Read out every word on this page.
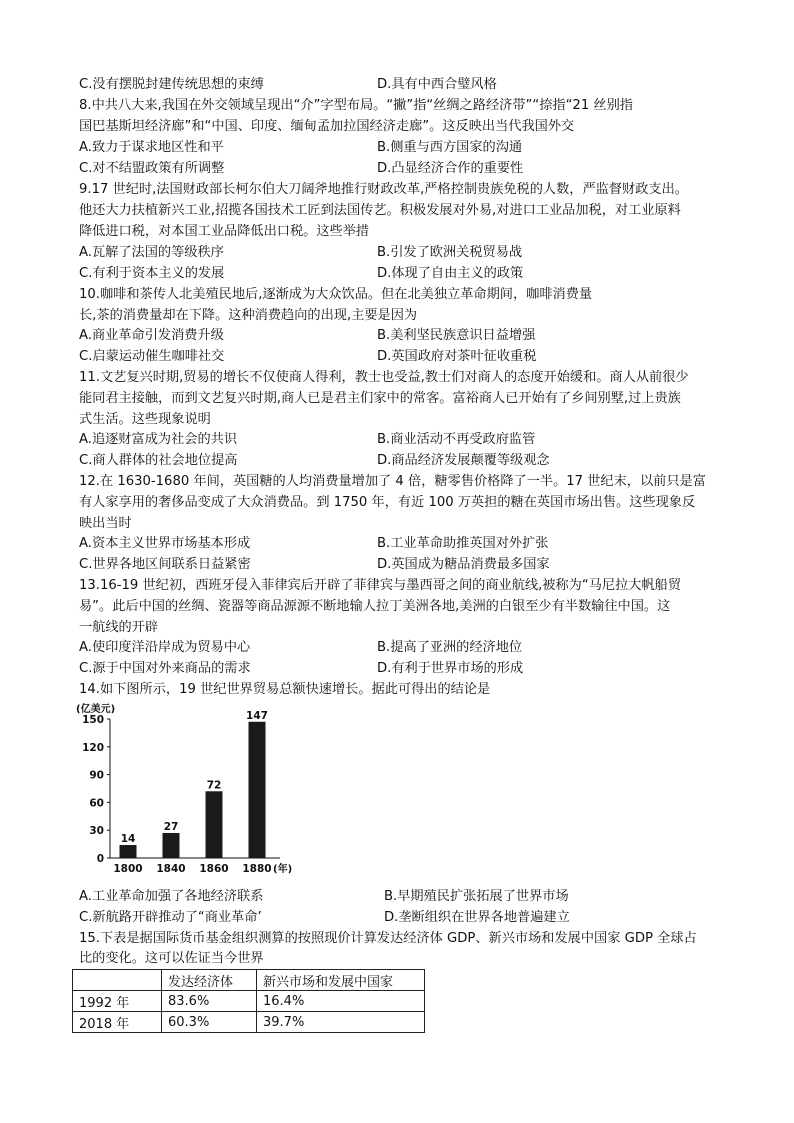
C.没有摆脱封建传统思想的束缚	D.具有中西合璧风格
8.中共八大来,我国在外交领域呈现出“介”字型布局。“撇”指“丝绸之路经济带”“捺指“21 丝别指
国巴基斯坦经济廊”和“中国、印度、缅甸孟加拉国经济走廊”。这反映出当代我国外交
A.致力于谋求地区性和平	B.侧重与西方国家的沟通
C.对不结盟政策有所调整	D.凸显经济合作的重要性
9.17 世纪时,法国财政部长柯尔伯大刀阔斧地推行财政改革,严格控制贵族免税的人数，严监督财政支出。
他还大力扶植新兴工业,招揽各国技术工匠到法国传艺。积极发展对外易,对进口工业品加税，对工业原料
降低进口税，对本国工业品降低出口税。这些举措
A.瓦解了法国的等级秩序	B.引发了欧洲关税贸易战
C.有利于资本主义的发展	D.体现了自由主义的政策
10.咖啡和茶传人北美殖民地后,逐渐成为大众饮品。但在北美独立革命期间，咖啡消费量
长,茶的消费量却在下降。这种消费趋向的出现,主要是因为
A.商业革命引发消费升级	B.美利坚民族意识日益增强
C.启蒙运动催生咖啡社交	D.英国政府对茶叶征收重税
11.文艺复兴时期,贸易的增长不仅使商人得利，教士也受益,教士们对商人的态度开始缓和。商人从前很少
能同君主接触，而到文艺复兴时期,商人已是君主们家中的常客。富裕商人已开始有了乡间别墅,过上贵族
式生活。这些现象说明
A.追逐财富成为社会的共识	B.商业活动不再受政府监管
C.商人群体的社会地位提高	D.商品经济发展颠覆等级观念
12.在 1630-1680 年间，英国糖的人均消费量增加了 4 倍，糖零售价格降了一半。17 世纪末，以前只是富
有人家享用的奢侈品变成了大众消费品。到 1750 年，有近 100 万英担的糖在英国市场出售。这些现象反
映出当时
A.资本主义世界市场基本形成	B.工业革命助推英国对外扩张
C.世界各地区间联系日益紧密	D.英国成为糖品消费最多国家
13.16-19 世纪初，西班牙侵入菲律宾后开辟了菲律宾与墨西哥之间的商业航线,被称为“马尼拉大帆船贸
易”。此后中国的丝绸、瓷器等商品源源不断地输人拉丁美洲各地,美洲的白银至少有半数输往中国。这
一航线的开辟
A.使印度洋沿岸成为贸易中心	B.提高了亚洲的经济地位
C.源于中国对外来商品的需求	D.有利于世界市场的形成
14.如下图所示，19 世纪世界贸易总额快速增长。据此可得出的结论是
(亿美元)
0
30
60
90
120
150
14
1800
27
1840
72
1860
147
1880 (年)
A.工业革命加强了各地经济联系	B.早期殖民扩张拓展了世界市场
C.新航路开辟推动了“商业革命’	D.垄断组织在世界各地普遍建立
15.下表是据国际货币基金组织测算的按照现价计算发达经济体 GDP、新兴市场和发展中国家 GDP 全球占
比的变化。这可以佐证当今世界
	发达经济体	新兴市场和发展中国家
1992 年	83.6%	16.4%
2018 年	60.3%	39.7%
